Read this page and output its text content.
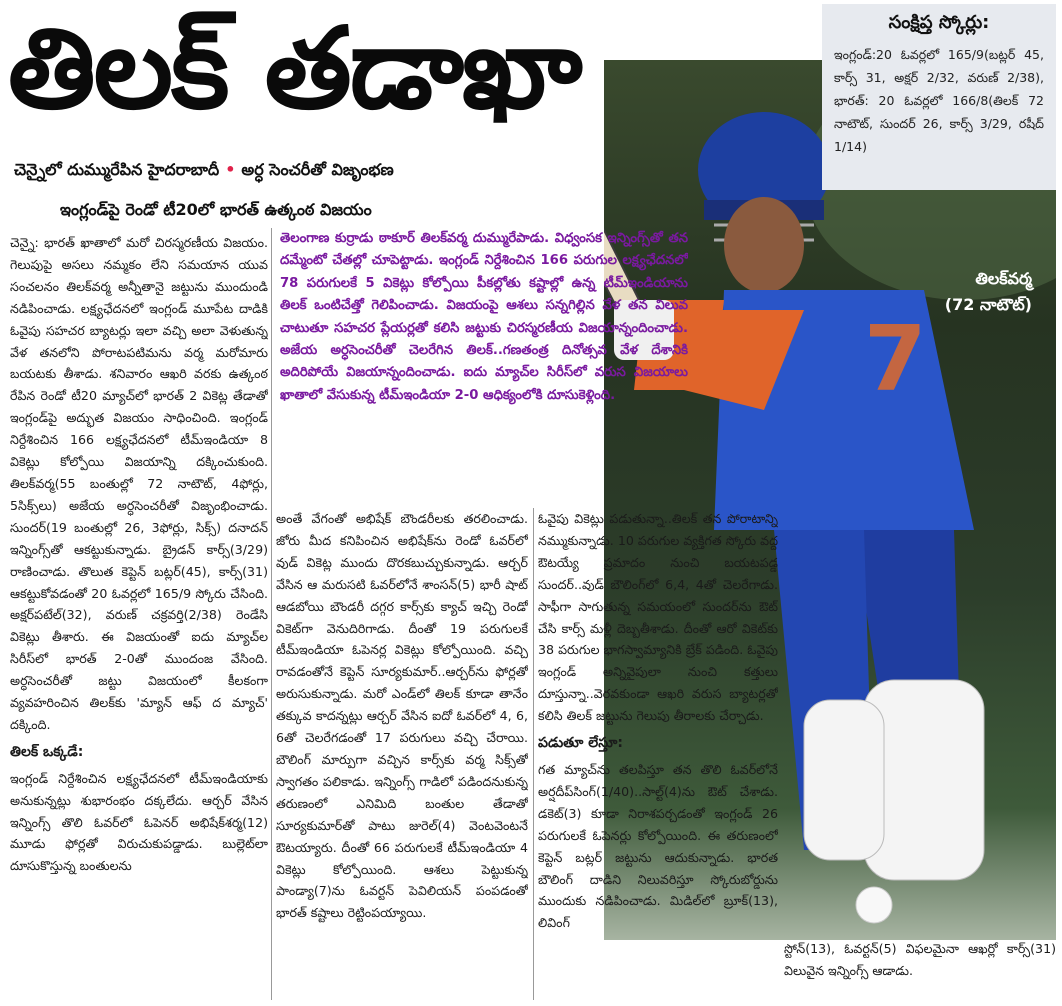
తిలక్ తడాఖా
7
తిలక్‌వర్మ
(72 నాటౌట్)
సంక్షిప్త స్కోర్లు:
ఇంగ్లండ్:20 ఓవర్లలో 165/9(బట్లర్ 45, కార్స్ 31, అక్షర్ 2/32, వరుణ్ 2/38), భారత్: 20 ఓవర్లలో 166/8(తిలక్ 72 నాటౌట్, సుందర్ 26, కార్స్ 3/29, రషీద్ 1/14)
చెన్నైలో దుమ్మురేపిన హైదరాబాదీ • అర్ధ సెంచరీతో విజృంభణ
ఇంగ్లండ్‌పై రెండో టీ20లో భారత్ ఉత్కంఠ విజయం
తెలంగాణ కుర్రాడు ఠాకూర్ తిలక్‌వర్మ దుమ్మురేపాడు. విధ్వంసక ఇన్నింగ్స్‌తో తన దమ్మేంటో చేతల్లో చూపెట్టాడు. ఇంగ్లండ్ నిర్దేశించిన 166 పరుగుల లక్ష్యఛేదనలో 78 పరుగులకే 5 వికెట్లు కోల్పోయి పీకల్లోతు కష్టాల్లో ఉన్న టీమ్‌ఇండియాను తిలక్ ఒంటిచేత్తో గెలిపించాడు. విజయంపై ఆశలు సన్నగిల్లిన వేళ తన విలువ చాటుతూ సహచర ప్లేయర్లతో కలిసి జట్టుకు చిరస్మరణీయ విజయాన్నందించాడు. అజేయ అర్ధసెంచరీతో చెలరేగిన తిలక్..గణతంత్ర దినోత్సవ వేళ దేశానికి అదిరిపోయే విజయాన్నందించాడు. ఐదు మ్యాచ్‌ల సిరీస్‌లో వరుస విజయాలు ఖాతాలో వేసుకున్న టీమ్‌ఇండియా 2-0 ఆధిక్యంలోకి దూసుకెళ్లింది.
చెన్నై: భారత్ ఖాతాలో మరో చిరస్మరణీయ విజయం. గెలుపుపై అసలు నమ్మకం లేని సమయాన యువ సంచలనం తిలక్‌వర్మ అన్నీతానై జట్టును ముందుండి నడిపించాడు. లక్ష్యఛేదనలో ఇంగ్లండ్ మూపేట దాడికి ఓవైపు సహచర బ్యాటర్లు ఇలా వచ్చి అలా వెళుతున్న వేళ తనలోని పోరాటపటిమను వర్మ మరోమారు బయటకు తీశాడు. శనివారం ఆఖరి వరకు ఉత్కంఠ రేపిన రెండో టీ20 మ్యాచ్‌లో భారత్ 2 వికెట్ల తేడాతో ఇంగ్లండ్‌పై అద్భుత విజయం సాధించింది. ఇంగ్లండ్ నిర్దేశించిన 166 లక్ష్యఛేదనలో టీమ్‌ఇండియా 8 వికెట్లు కోల్పోయి విజయాన్ని దక్కించుకుంది. తిలక్‌వర్మ(55 బంతుల్లో 72 నాటౌట్, 4ఫోర్లు, 5సిక్స్‌లు) అజేయ అర్ధసెంచరీతో విజృంభించాడు. సుందర్(19 బంతుల్లో 26, 3ఫోర్లు, సిక్స్) దనాదన్ ఇన్నింగ్స్‌తో ఆకట్టుకున్నాడు. బ్రైడన్ కార్స్(3/29) రాణించాడు. తొలుత కెప్టెన్ బట్లర్(45), కార్స్(31) ఆకట్టుకోవడంతో 20 ఓవర్లలో 165/9 స్కోరు చేసింది. అక్షర్‌పటేల్(32), వరుణ్ చక్రవర్తి(2/38) రెండేసి వికెట్లు తీశారు. ఈ విజయంతో ఐదు మ్యాచ్‌ల సిరీస్‌లో భారత్ 2-0తో ముందంజ వేసింది. అర్ధసెంచరీతో జట్టు విజయంలో కీలకంగా వ్యవహరించిన తిలక్‌కు 'మ్యాన్ ఆఫ్ ద మ్యాచ్' దక్కింది.
తిలక్ ఒక్కడే:
ఇంగ్లండ్ నిర్దేశించిన లక్ష్యఛేదనలో టీమ్‌ఇండియాకు అనుకున్నట్లు శుభారంభం దక్కలేదు. ఆర్చర్ వేసిన ఇన్నింగ్స్ తొలి ఓవర్‌లో ఓపెనర్ అభిషేక్‌శర్మ(12) మూడు ఫోర్లతో విరుచుకుపడ్డాడు. బుల్లెట్‌లా దూసుకొస్తున్న బంతులను
అంతే వేగంతో అభిషేక్ బౌండరీలకు తరలించాడు. జోరు మీద కనిపించిన అభిషేక్‌ను రెండో ఓవర్‌లో వుడ్ వికెట్ల ముందు దొరకబుచ్చుకున్నాడు. ఆర్చర్ వేసిన ఆ మరుసటి ఓవర్‌లోనే శాంసన్(5) భారీ షాట్ ఆడబోయి బౌండరీ దగ్గర కార్స్‌కు క్యాచ్ ఇచ్చి రెండో వికెట్‌గా వెనుదిరిగాడు. దీంతో 19 పరుగులకే టీమ్‌ఇండియా ఓపెనర్ల వికెట్లు కోల్పోయింది. వచ్చి రావడంతోనే కెప్టెన్ సూర్యకుమార్..ఆర్చర్‌ను ఫోర్లతో అరుసుకున్నాడు. మరో ఎండ్‌లో తిలక్ కూడా తానేం తక్కువ కాదన్నట్లు ఆర్చర్ వేసిన ఐదో ఓవర్‌లో 4, 6, 6తో చెలరేగడంతో 17 పరుగులు వచ్చి చేరాయి. బౌలింగ్ మార్పుగా వచ్చిన కార్స్‌కు వర్మ సిక్స్‌తో స్వాగతం పలికాడు. ఇన్నింగ్స్ గాడిలో పడిందనుకున్న తరుణంలో ఎనిమిది బంతుల తేడాతో సూర్యకుమార్‌తో పాటు జురెల్(4) వెంటవెంటనే ఔటయ్యారు. దీంతో 66 పరుగులకే టీమ్‌ఇండియా 4 వికెట్లు కోల్పోయింది. ఆశలు పెట్టుకున్న పాండ్యా(7)ను ఓవర్టన్ పెవిలియన్ పంపడంతో భారత్ కష్టాలు రెట్టింపయ్యాయి.
ఓవైపు వికెట్లు పడుతున్నా..తిలక్ తన పోరాటాన్ని నమ్ముకున్నాడు. 10 పరుగుల వ్యక్తిగత స్కోరు వద్ద ఔటయ్యే ప్రమాదం నుంచి బయటపడ్డ సుందర్..వుడ్ బౌలింగ్‌లో 6,4, 4తో చెలరేగాడు. సాఫీగా సాగుతున్న సమయంలో సుందర్‌ను ఔట్ చేసి కార్స్ మళ్లీ దెబ్బతీశాడు. దీంతో ఆరో వికెట్‌కు 38 పరుగుల భాగస్వామ్యానికి బ్రేక్ పడింది. ఓవైపు ఇంగ్లండ్ అన్నివైపులా నుంచి కత్తులు దూస్తున్నా..వెరవకుండా ఆఖరి వరుస బ్యాటర్లతో కలిసి తిలక్ జట్టును గెలుపు తీరాలకు చేర్చాడు.
పడుతూ లేస్తూ:
గత మ్యాచ్‌ను తలపిస్తూ తన తొలి ఓవర్‌లోనే అర్షదీప్‌సింగ్(1/40)..సాల్ట్(4)ను ఔట్ చేశాడు. డకెట్(3) కూడా నిరాశపర్చడంతో ఇంగ్లండ్ 26 పరుగులకే ఓపెనర్లు కోల్పోయింది. ఈ తరుణంలో కెప్టెన్ బట్లర్ జట్టును ఆదుకున్నాడు. భారత బౌలింగ్ దాడిని నిలువరిస్తూ స్కోరుబోర్డును ముందుకు నడిపించాడు. మిడిల్‌లో బ్రూక్(13), లివింగ్
స్టోన్(13), ఓవర్టన్(5) విఫలమైనా ఆఖర్లో కార్స్(31) విలువైన ఇన్నింగ్స్ ఆడాడు.
